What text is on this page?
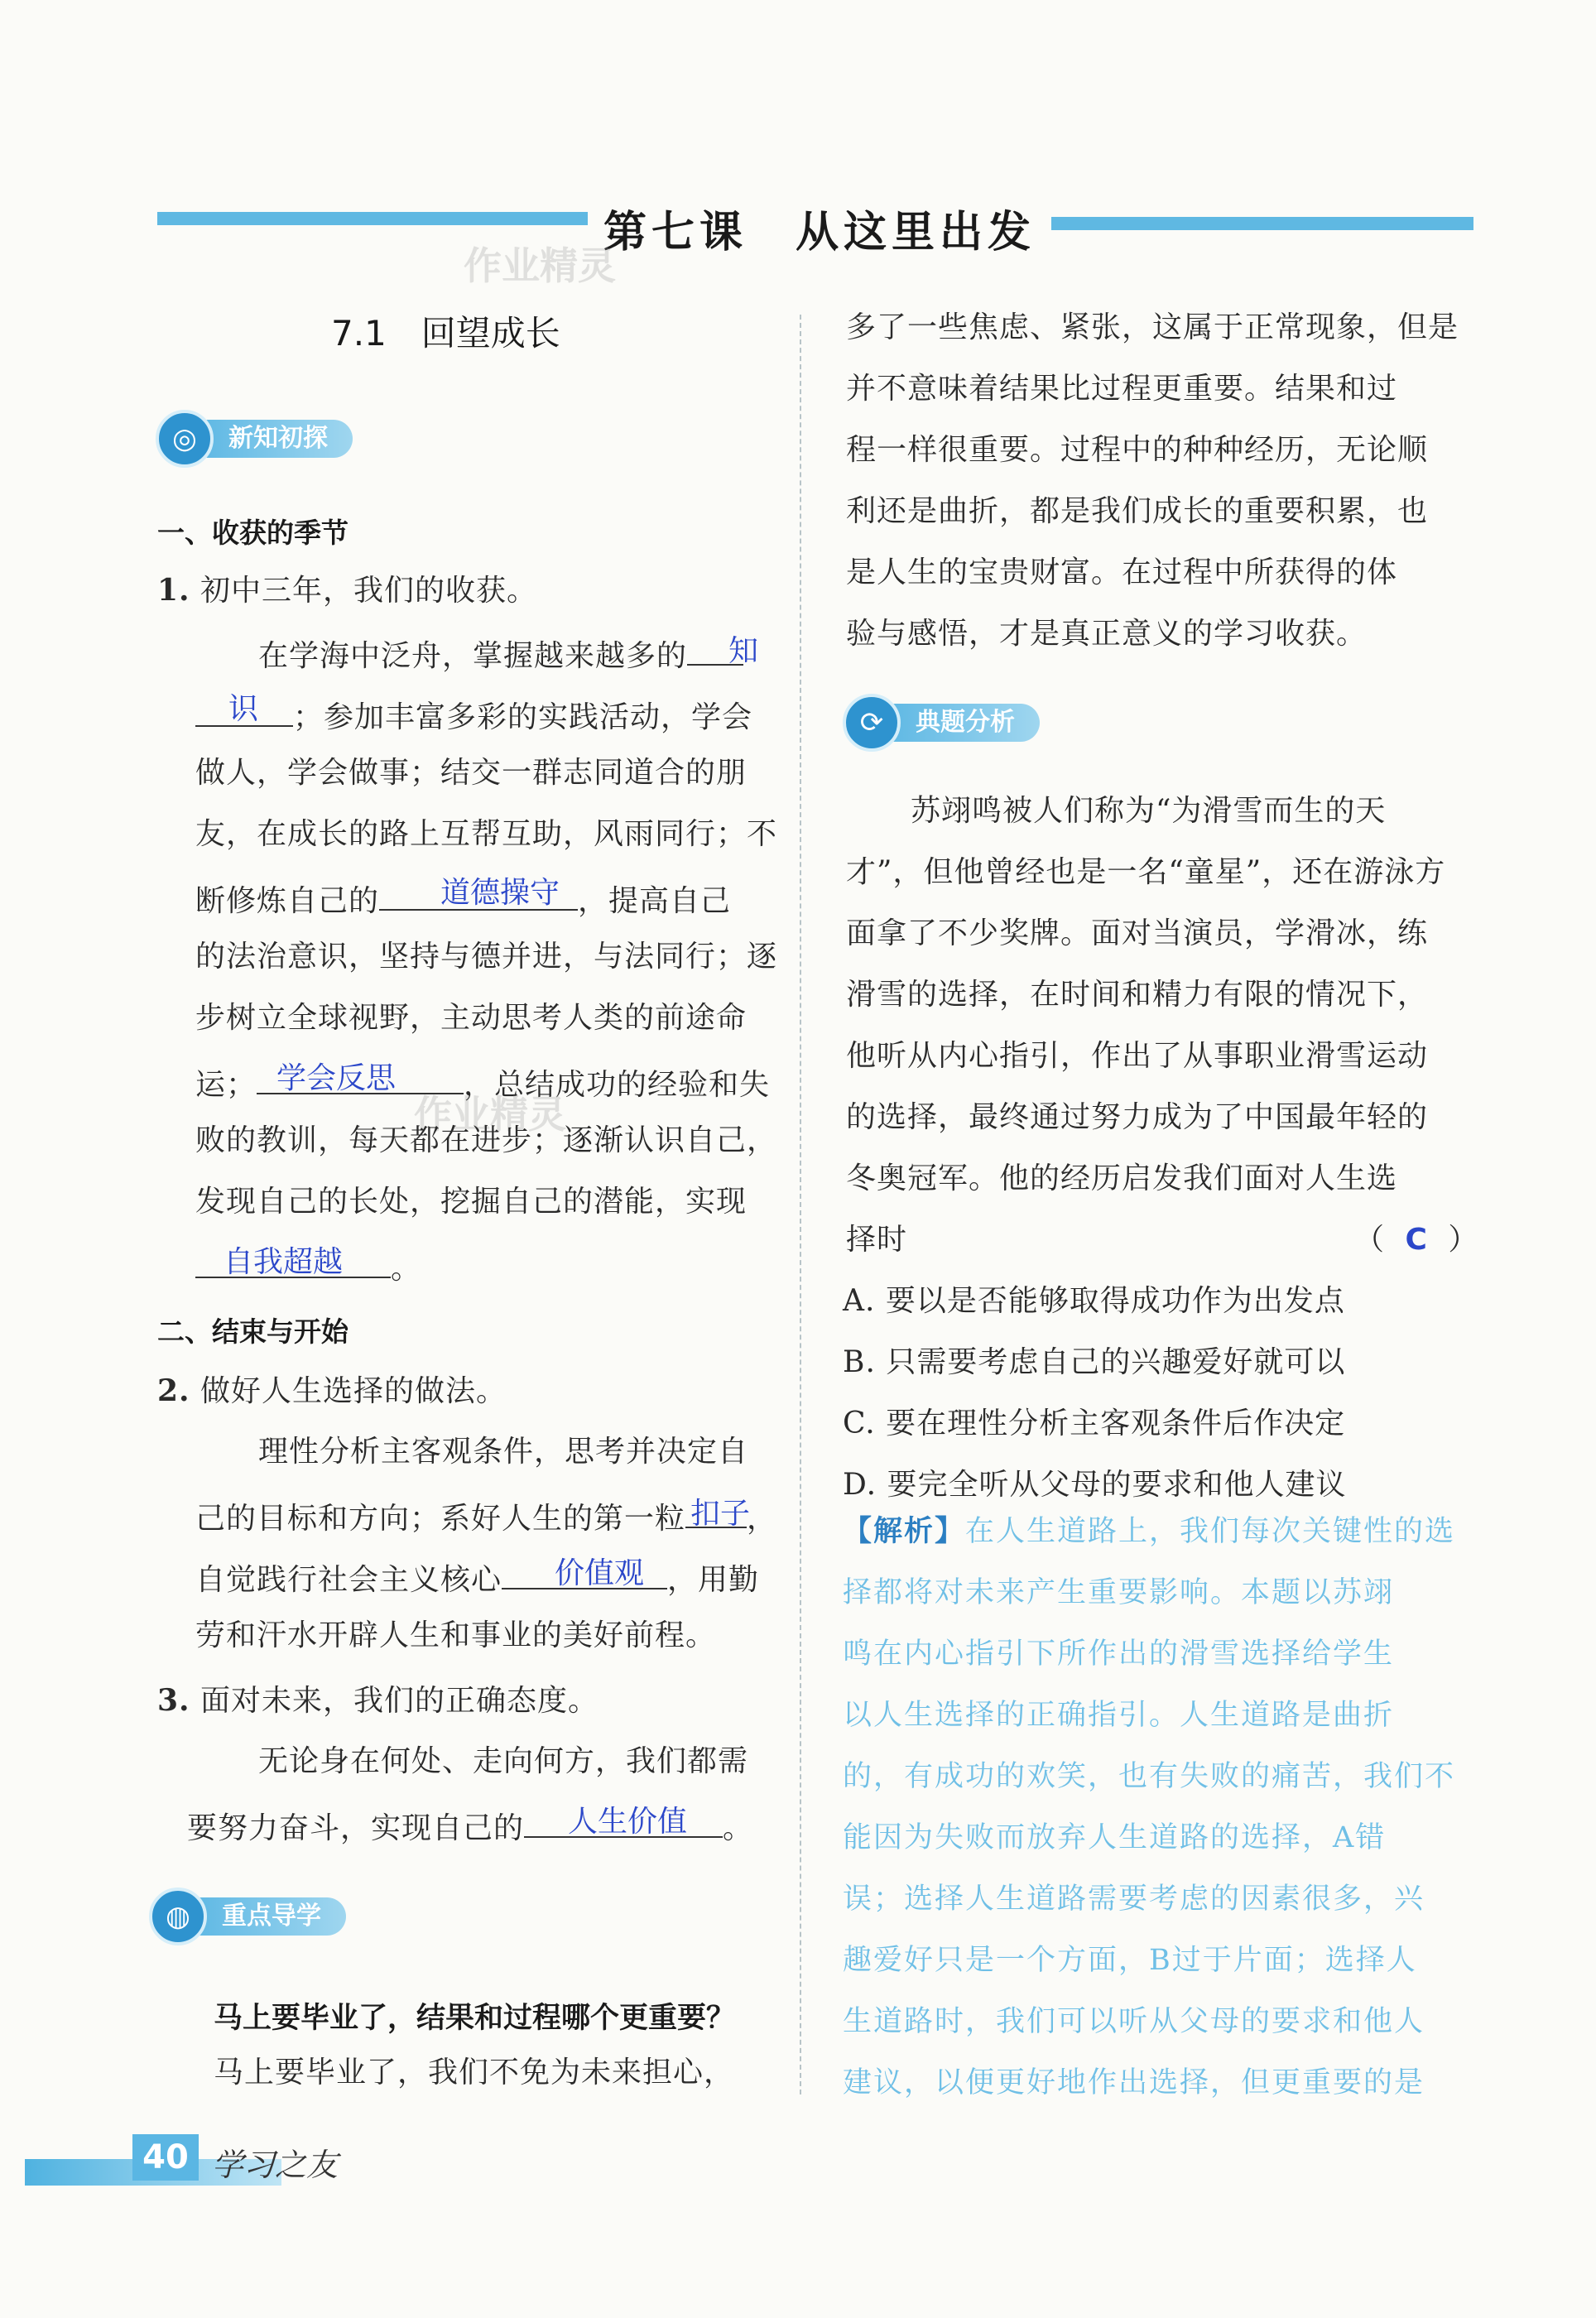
第七课　从这里出发
作业精灵
7.1　回望成长
新知初探
◎
一、收获的季节
1. 初中三年，我们的收获。
在学海中泛舟，掌握越来越多的	知
；参加丰富多彩的实践活动，学会
识
做人，学会做事；结交一群志同道合的朋
友，在成长的路上互帮互助，风雨同行；不
断修炼自己的	，提高自己
道德操守
的法治意识，坚持与德并进，与法同行；逐
步树立全球视野，主动思考人类的前途命
运；	，总结成功的经验和失
学会反思
作业精灵
败的教训，每天都在进步；逐渐认识自己，
发现自己的长处，挖掘自己的潜能，实现
。
自我超越
二、结束与开始
2. 做好人生选择的做法。
理性分析主客观条件，思考并决定自
己的目标和方向；系好人生的第一粒 ，
扣子
自觉践行社会主义核心	，用勤
价值观
劳和汗水开辟人生和事业的美好前程。
3. 面对未来，我们的正确态度。
无论身在何处、走向何方，我们都需
要努力奋斗，实现自己的	。
人生价值
重点导学
◍
马上要毕业了，结果和过程哪个更重要？
马上要毕业了，我们不免为未来担心，
多了一些焦虑、紧张，这属于正常现象，但是
并不意味着结果比过程更重要。结果和过
程一样很重要。过程中的种种经历，无论顺
利还是曲折，都是我们成长的重要积累，也
是人生的宝贵财富。在过程中所获得的体
验与感悟，才是真正意义的学习收获。
典题分析
⟳
苏翊鸣被人们称为“为滑雪而生的天
才”，但他曾经也是一名“童星”，还在游泳方
面拿了不少奖牌。面对当演员，学滑冰，练
滑雪的选择，在时间和精力有限的情况下，
他听从内心指引，作出了从事职业滑雪运动
的选择，最终通过努力成为了中国最年轻的
冬奥冠军。他的经历启发我们面对人生选
择时	（ C ）
A. 要以是否能够取得成功作为出发点
B. 只需要考虑自己的兴趣爱好就可以
C. 要在理性分析主客观条件后作决定
D. 要完全听从父母的要求和他人建议
【解析】在人生道路上，我们每次关键性的选
择都将对未来产生重要影响。本题以苏翊
鸣在内心指引下所作出的滑雪选择给学生
以人生选择的正确指引。人生道路是曲折
的，有成功的欢笑，也有失败的痛苦，我们不
能因为失败而放弃人生道路的选择，A错
误；选择人生道路需要考虑的因素很多，兴
趣爱好只是一个方面，B过于片面；选择人
生道路时，我们可以听从父母的要求和他人
建议，以便更好地作出选择，但更重要的是
40 学习之友
